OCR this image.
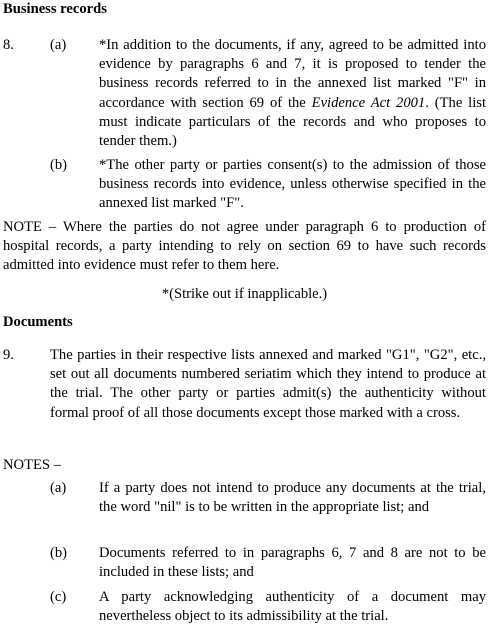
Business records
8. (a) *In addition to the documents, if any, agreed to be admitted into evidence by paragraphs 6 and 7, it is proposed to tender the business records referred to in the annexed list marked "F" in accordance with section 69 of the Evidence Act 2001. (The list must indicate particulars of the records and who proposes to tender them.)
(b) *The other party or parties consent(s) to the admission of those business records into evidence, unless otherwise specified in the annexed list marked "F".
NOTE – Where the parties do not agree under paragraph 6 to production of hospital records, a party intending to rely on section 69 to have such records admitted into evidence must refer to them here.
*(Strike out if inapplicable.)
Documents
9. The parties in their respective lists annexed and marked "G1", "G2", etc., set out all documents numbered seriatim which they intend to produce at the trial. The other party or parties admit(s) the authenticity without formal proof of all those documents except those marked with a cross.
NOTES –
(a) If a party does not intend to produce any documents at the trial, the word "nil" is to be written in the appropriate list; and
(b) Documents referred to in paragraphs 6, 7 and 8 are not to be included in these lists; and
(c) A party acknowledging authenticity of a document may nevertheless object to its admissibility at the trial.
